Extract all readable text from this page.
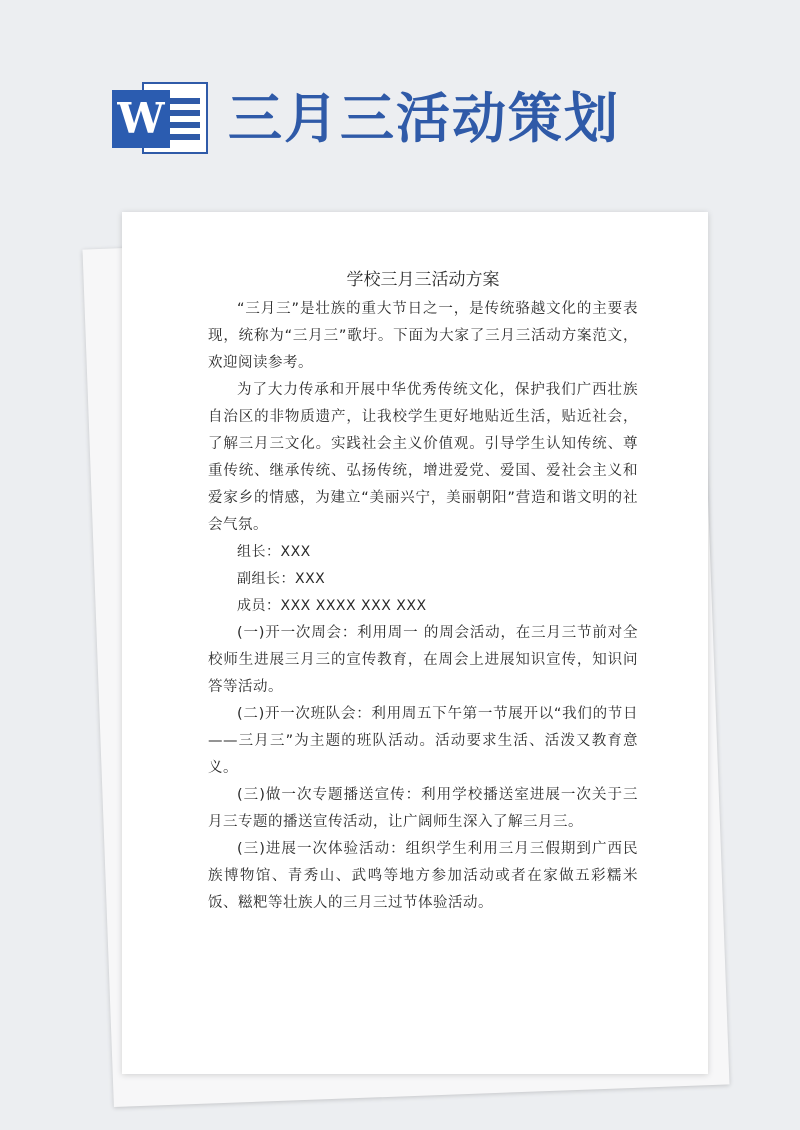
W 三月三活动策划
学校三月三活动方案

“三月三”是壮族的重大节日之一，是传统骆越文化的主要表现，统称为“三月三”歌圩。下面为大家了三月三活动方案范文，欢迎阅读参考。

为了大力传承和开展中华优秀传统文化，保护我们广西壮族自治区的非物质遗产，让我校学生更好地贴近生活，贴近社会，了解三月三文化。实践社会主义价值观。引导学生认知传统、尊重传统、继承传统、弘扬传统，增进爱党、爱国、爱社会主义和爱家乡的情感，为建立“美丽兴宁，美丽朝阳”营造和谐文明的社会气氛。

组长：XXX

副组长：XXX

成员：XXX XXXX XXX XXX

(一)开一次周会：利用周一 的周会活动，在三月三节前对全校师生进展三月三的宣传教育，在周会上进展知识宣传，知识问答等活动。

(二)开一次班队会：利用周五下午第一节展开以“我们的节日——三月三”为主题的班队活动。活动要求生活、活泼又教育意义。

(三)做一次专题播送宣传：利用学校播送室进展一次关于三月三专题的播送宣传活动，让广阔师生深入了解三月三。

(三)进展一次体验活动：组织学生利用三月三假期到广西民族博物馆、青秀山、武鸣等地方参加活动或者在家做五彩糯米饭、糍粑等壮族人的三月三过节体验活动。
